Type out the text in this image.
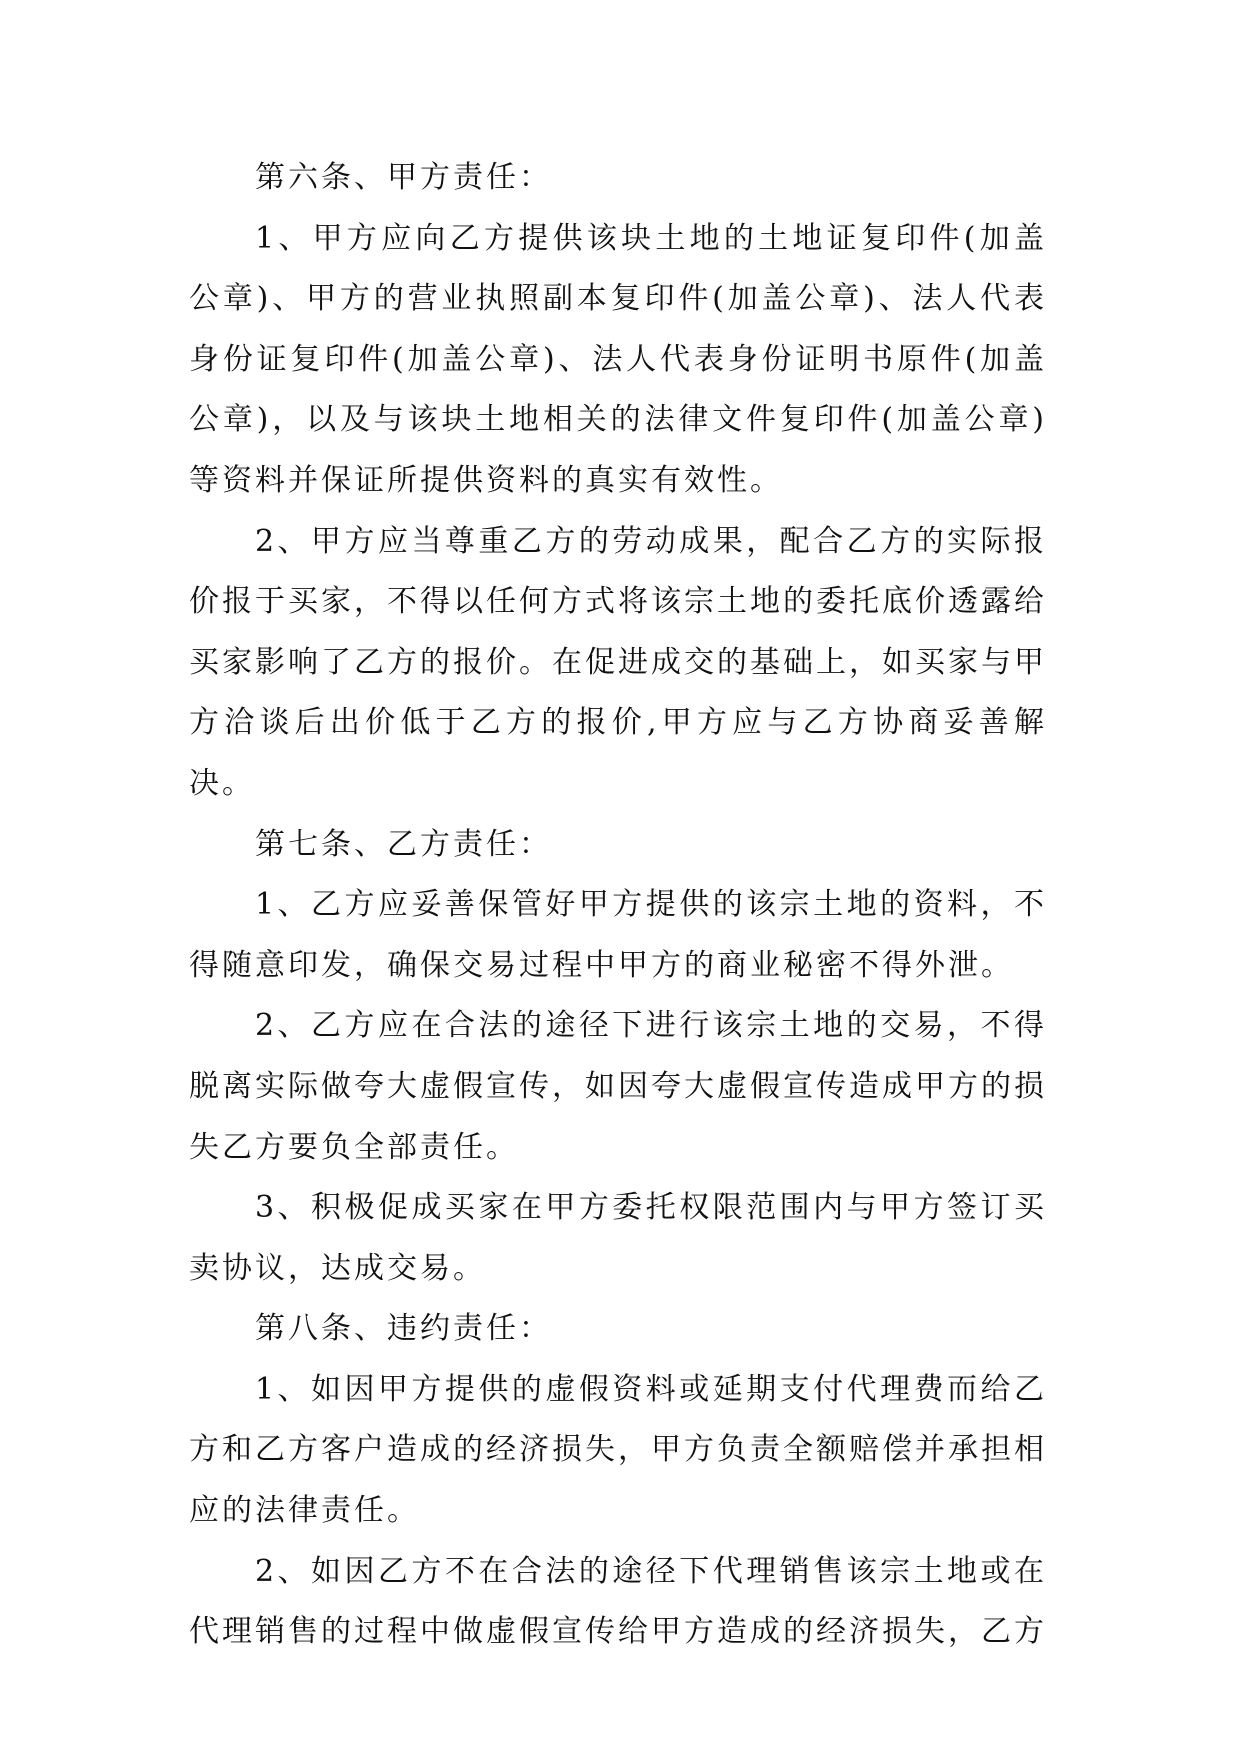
第六条、甲方责任：

1、甲方应向乙方提供该块土地的土地证复印件(加盖公章)、甲方的营业执照副本复印件(加盖公章)、法人代表身份证复印件(加盖公章)、法人代表身份证明书原件(加盖公章)，以及与该块土地相关的法律文件复印件(加盖公章)等资料并保证所提供资料的真实有效性。

2、甲方应当尊重乙方的劳动成果，配合乙方的实际报价报于买家，不得以任何方式将该宗土地的委托底价透露给买家影响了乙方的报价。在促进成交的基础上，如买家与甲方洽谈后出价低于乙方的报价,甲方应与乙方协商妥善解决。

第七条、乙方责任：

1、乙方应妥善保管好甲方提供的该宗土地的资料，不得随意印发，确保交易过程中甲方的商业秘密不得外泄。

2、乙方应在合法的途径下进行该宗土地的交易，不得脱离实际做夸大虚假宣传，如因夸大虚假宣传造成甲方的损失乙方要负全部责任。

3、积极促成买家在甲方委托权限范围内与甲方签订买卖协议，达成交易。

第八条、违约责任：

1、如因甲方提供的虚假资料或延期支付代理费而给乙方和乙方客户造成的经济损失，甲方负责全额赔偿并承担相应的法律责任。

2、如因乙方不在合法的途径下代理销售该宗土地或在代理销售的过程中做虚假宣传给甲方造成的经济损失，乙方
